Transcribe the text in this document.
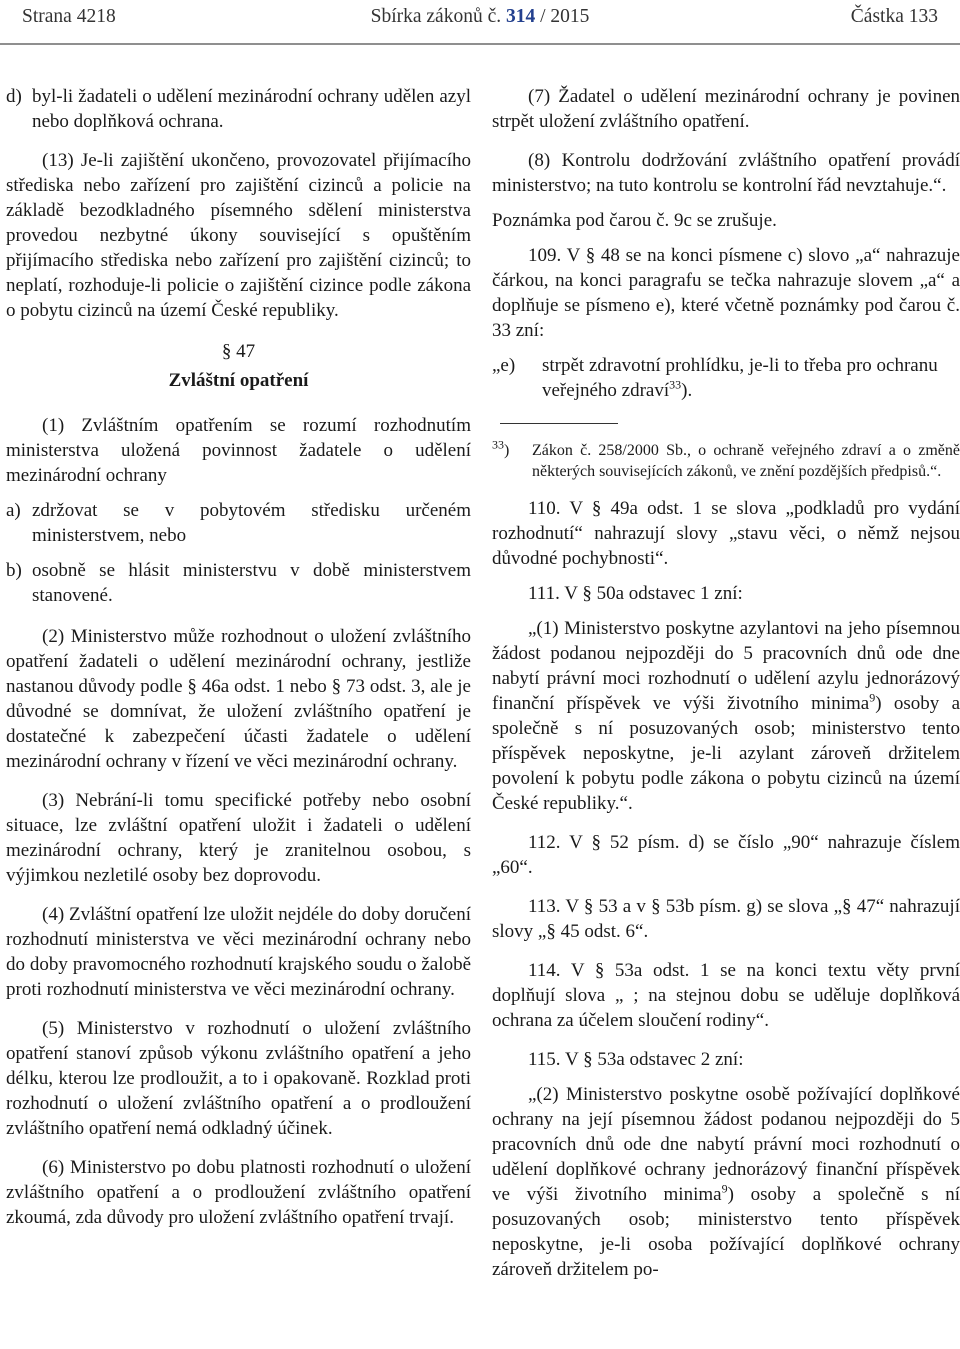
Strana 4218	Sbírka zákonů č. 314 / 2015	Částka 133
d) byl-li žadateli o udělení mezinárodní ochrany udělen azyl nebo doplňková ochrana.

(13) Je-li zajištění ukončeno, provozovatel přijímacího střediska nebo zařízení pro zajištění cizinců a policie na základě bezodkladného písemného sdělení ministerstva provedou nezbytné úkony související s opuštěním přijímacího střediska nebo zařízení pro zajištění cizinců; to neplatí, rozhoduje-li policie o zajištění cizince podle zákona o pobytu cizinců na území České republiky.

§ 47
Zvláštní opatření

(1) Zvláštním opatřením se rozumí rozhodnutím ministerstva uložená povinnost žadatele o udělení mezinárodní ochrany

a) zdržovat se v pobytovém středisku určeném ministerstvem, nebo
b) osobně se hlásit ministerstvu v době ministerstvem stanovené.

(2) Ministerstvo může rozhodnout o uložení zvláštního opatření žadateli o udělení mezinárodní ochrany, jestliže nastanou důvody podle § 46a odst. 1 nebo § 73 odst. 3, ale je důvodné se domnívat, že uložení zvláštního opatření je dostatečné k zabezpečení účasti žadatele o udělení mezinárodní ochrany v řízení ve věci mezinárodní ochrany.

(3) Nebrání-li tomu specifické potřeby nebo osobní situace, lze zvláštní opatření uložit i žadateli o udělení mezinárodní ochrany, který je zranitelnou osobou, s výjimkou nezletilé osoby bez doprovodu.

(4) Zvláštní opatření lze uložit nejdéle do doby doručení rozhodnutí ministerstva ve věci mezinárodní ochrany nebo do doby pravomocného rozhodnutí krajského soudu o žalobě proti rozhodnutí ministerstva ve věci mezinárodní ochrany.

(5) Ministerstvo v rozhodnutí o uložení zvláštního opatření stanoví způsob výkonu zvláštního opatření a jeho délku, kterou lze prodloužit, a to i opakovaně. Rozklad proti rozhodnutí o uložení zvláštního opatření a o prodloužení zvláštního opatření nemá odkladný účinek.

(6) Ministerstvo po dobu platnosti rozhodnutí o uložení zvláštního opatření a o prodloužení zvláštního opatření zkoumá, zda důvody pro uložení zvláštního opatření trvají.

(7) Žadatel o udělení mezinárodní ochrany je povinen strpět uložení zvláštního opatření.

(8) Kontrolu dodržování zvláštního opatření provádí ministerstvo; na tuto kontrolu se kontrolní řád nevztahuje.“.

Poznámka pod čarou č. 9c se zrušuje.

109. V § 48 se na konci písmene c) slovo „a“ nahrazuje čárkou, na konci paragrafu se tečka nahrazuje slovem „a“ a doplňuje se písmeno e), které včetně poznámky pod čarou č. 33 zní:

„e)	strpět zdravotní prohlídku, je-li to třeba pro ochranu veřejného zdraví$^{33}$).
$^{33}$)	Zákon č. 258/2000 Sb., o ochraně veřejného zdraví a o změně některých souvisejících zákonů, ve znění pozdějších předpisů.“.

110. V § 49a odst. 1 se slova „podkladů pro vydání rozhodnutí“ nahrazují slovy „stavu věci, o němž nejsou důvodné pochybnosti“.

111. V § 50a odstavec 1 zní:

„(1) Ministerstvo poskytne azylantovi na jeho písemnou žádost podanou nejpozději do 5 pracovních dnů ode dne nabytí právní moci rozhodnutí o udělení azylu jednorázový finanční příspěvek ve výši životního minima$^9$) osoby a společně s ní posuzovaných osob; ministerstvo tento příspěvek neposkytne, je-li azylant zároveň držitelem povolení k pobytu podle zákona o pobytu cizinců na území České republiky.“.

112. V § 52 písm. d) se číslo „90“ nahrazuje číslem „60“.

113. V § 53 a v § 53b písm. g) se slova „§ 47“ nahrazují slovy „§ 45 odst. 6“.

114. V § 53a odst. 1 se na konci textu věty první doplňují slova „ ; na stejnou dobu se uděluje doplňková ochrana za účelem sloučení rodiny“.

115. V § 53a odstavec 2 zní:

„(2) Ministerstvo poskytne osobě požívající doplňkové ochrany na její písemnou žádost podanou nejpozději do 5 pracovních dnů ode dne nabytí právní moci rozhodnutí o udělení doplňkové ochrany jednorázový finanční příspěvek ve výši životního minima$^9$) osoby a společně s ní posuzovaných osob; ministerstvo tento příspěvek neposkytne, je-li osoba požívající doplňkové ochrany zároveň držitelem po-
